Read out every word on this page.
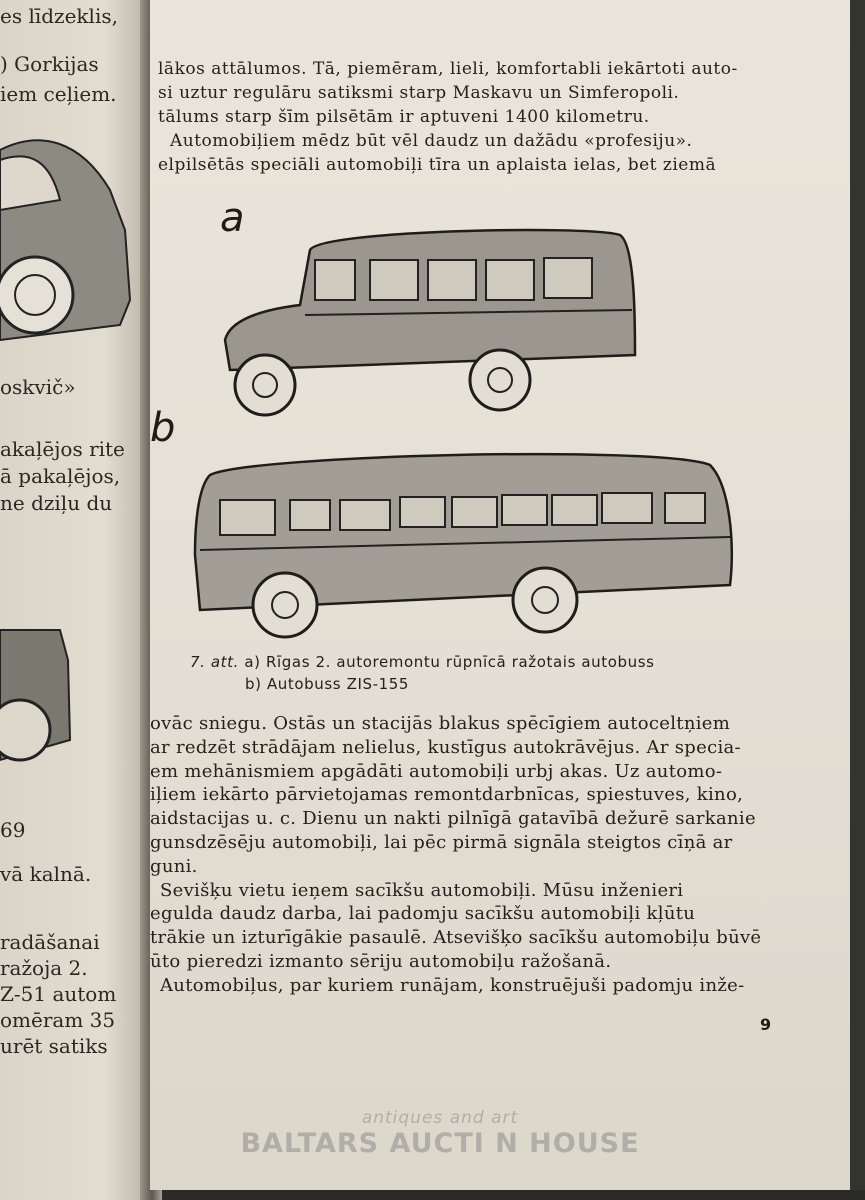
es līdzeklis,
) Gorkijas
iem ceļiem.
oskvič»
akaļējos rite
ā pakaļējos,
ne dziļu du
69
vā kalnā.
radāšanai
ražoja 2.
Z-51 autom
omēram 35
urēt satiks
lākos attālumos. Tā, piemēram, lieli, komfortabli iekārtoti auto-
si uztur regulāru satiksmi starp Maskavu un Simferopoli.
tālums starp šīm pilsētām ir aptuveni 1400 kilometru.
Automobiļiem mēdz būt vēl daudz un dažādu «profesiju».
elpilsētās speciāli automobiļi tīra un aplaista ielas, bet ziemā
a
b
7. att. a) Rīgas 2. autoremontu rūpnīcā ražotais autobuss
b) Autobuss ZIS-155
ovāc sniegu. Ostās un stacijās blakus spēcīgiem autoceltņiem
ar redzēt strādājam nelielus, kustīgus autokrāvējus. Ar specia-
em mehānismiem apgādāti automobiļi urbj akas. Uz automo-
iļiem iekārto pārvietojamas remontdarbnīcas, spiestuves, kino,
aidstacijas u. c. Dienu un nakti pilnīgā gatavībā dežurē sarkanie
gunsdzēsēju automobiļi, lai pēc pirmā signāla steigtos cīņā ar
guni.
Sevišķu vietu ieņem sacīkšu automobiļi. Mūsu inženieri
egulda daudz darba, lai padomju sacīkšu automobiļi kļūtu
trākie un izturīgākie pasaulē. Atsevišķo sacīkšu automobiļu būvē
ūto pieredzi izmanto sēriju automobiļu ražošanā.
Automobiļus, par kuriem runājam, konstruējuši padomju inže-
9
antiques and art
BALTARS AUCTI N HOUSE
